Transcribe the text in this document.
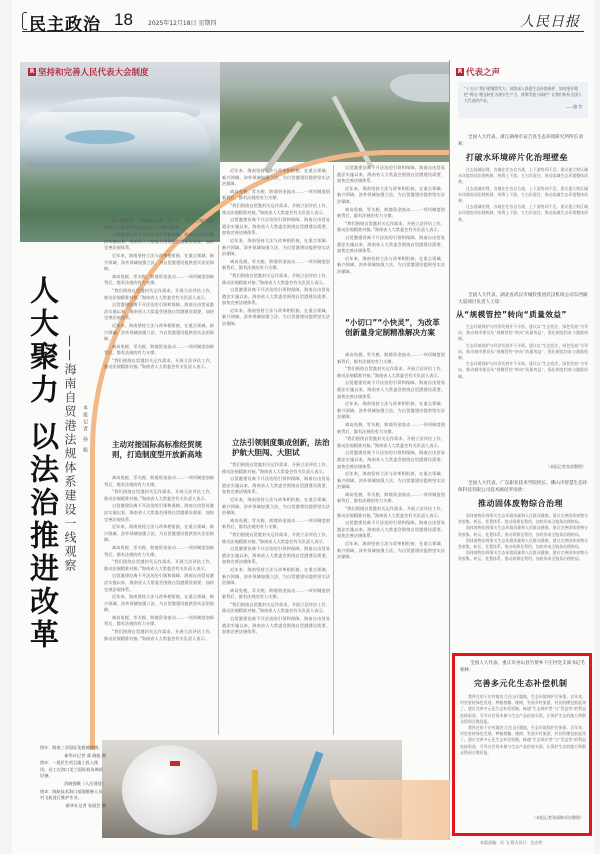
民主政治 18	2025年12月18日 星期四	人民日报
R 坚持和完善人民代表大会制度
人大聚力 以法治推进改革 ——海南自贸港法规体系建设一线观察	本报记者 孙 振

海大图景完，别看通车后高，首不久，“星空之眼”在海南省人大常委会代表以法治方式推动改革……

自贸港建设离不开法治的引领和保障。海南自由贸易港法实施以来，海南省人大常委会围绕自贸港建设需要，加快完善法规体系。

近年来，海南坚持立法与改革相衔接，在重点领域、新兴领域、涉外领域加强立法，为自贸港建设提供坚实法治保障。

离岛免税、零关税、跨境资金流动……一项项制度创新背后，都有法规的有力支撑。

“我们围绕自贸港封关运作需求，开展立法评估工作，推动法规精准对接。”海南省人大常委会有关负责人表示。

自贸港建设离不开法治的引领和保障。海南自由贸易港法实施以来，海南省人大常委会围绕自贸港建设需要，加快完善法规体系。

近年来，海南坚持立法与改革相衔接，在重点领域、新兴领域、涉外领域加强立法，为自贸港建设提供坚实法治保障。

离岛免税、零关税、跨境资金流动……一项项制度创新背后，都有法规的有力支撑。

“我们围绕自贸港封关运作需求，开展立法评估工作，推动法规精准对接。”海南省人大常委会有关负责人表示。

主动对接国际高标准经贸规则，打造制度型开放新高地

离岛免税、零关税、跨境资金流动……一项项制度创新背后，都有法规的有力支撑。

“我们围绕自贸港封关运作需求，开展立法评估工作，推动法规精准对接。”海南省人大常委会有关负责人表示。

自贸港建设离不开法治的引领和保障。海南自由贸易港法实施以来，海南省人大常委会围绕自贸港建设需要，加快完善法规体系。

近年来，海南坚持立法与改革相衔接，在重点领域、新兴领域、涉外领域加强立法，为自贸港建设提供坚实法治保障。

离岛免税、零关税、跨境资金流动……一项项制度创新背后，都有法规的有力支撑。

“我们围绕自贸港封关运作需求，开展立法评估工作，推动法规精准对接。”海南省人大常委会有关负责人表示。

自贸港建设离不开法治的引领和保障。海南自由贸易港法实施以来，海南省人大常委会围绕自贸港建设需要，加快完善法规体系。

近年来，海南坚持立法与改革相衔接，在重点领域、新兴领域、涉外领域加强立法，为自贸港建设提供坚实法治保障。

离岛免税、零关税、跨境资金流动……一项项制度创新背后，都有法规的有力支撑。

“我们围绕自贸港封关运作需求，开展立法评估工作，推动法规精准对接。”海南省人大常委会有关负责人表示。

近年来，海南坚持立法与改革相衔接，在重点领域、新兴领域、涉外领域加强立法，为自贸港建设提供坚实法治保障。

离岛免税、零关税、跨境资金流动……一项项制度创新背后，都有法规的有力支撑。

“我们围绕自贸港封关运作需求，开展立法评估工作，推动法规精准对接。”海南省人大常委会有关负责人表示。

自贸港建设离不开法治的引领和保障。海南自由贸易港法实施以来，海南省人大常委会围绕自贸港建设需要，加快完善法规体系。

近年来，海南坚持立法与改革相衔接，在重点领域、新兴领域、涉外领域加强立法，为自贸港建设提供坚实法治保障。

离岛免税、零关税、跨境资金流动……一项项制度创新背后，都有法规的有力支撑。

“我们围绕自贸港封关运作需求，开展立法评估工作，推动法规精准对接。”海南省人大常委会有关负责人表示。

自贸港建设离不开法治的引领和保障。海南自由贸易港法实施以来，海南省人大常委会围绕自贸港建设需要，加快完善法规体系。

近年来，海南坚持立法与改革相衔接，在重点领域、新兴领域、涉外领域加强立法，为自贸港建设提供坚实法治保障。

立法引领制度集成创新，法治护航大胆闯、大胆试

“我们围绕自贸港封关运作需求，开展立法评估工作，推动法规精准对接。”海南省人大常委会有关负责人表示。

自贸港建设离不开法治的引领和保障。海南自由贸易港法实施以来，海南省人大常委会围绕自贸港建设需要，加快完善法规体系。

近年来，海南坚持立法与改革相衔接，在重点领域、新兴领域、涉外领域加强立法，为自贸港建设提供坚实法治保障。

离岛免税、零关税、跨境资金流动……一项项制度创新背后，都有法规的有力支撑。

“我们围绕自贸港封关运作需求，开展立法评估工作，推动法规精准对接。”海南省人大常委会有关负责人表示。

自贸港建设离不开法治的引领和保障。海南自由贸易港法实施以来，海南省人大常委会围绕自贸港建设需要，加快完善法规体系。

近年来，海南坚持立法与改革相衔接，在重点领域、新兴领域、涉外领域加强立法，为自贸港建设提供坚实法治保障。

离岛免税、零关税、跨境资金流动……一项项制度创新背后，都有法规的有力支撑。

“我们围绕自贸港封关运作需求，开展立法评估工作，推动法规精准对接。”海南省人大常委会有关负责人表示。

自贸港建设离不开法治的引领和保障。海南自由贸易港法实施以来，海南省人大常委会围绕自贸港建设需要，加快完善法规体系。

自贸港建设离不开法治的引领和保障。海南自由贸易港法实施以来，海南省人大常委会围绕自贸港建设需要，加快完善法规体系。

近年来，海南坚持立法与改革相衔接，在重点领域、新兴领域、涉外领域加强立法，为自贸港建设提供坚实法治保障。

离岛免税、零关税、跨境资金流动……一项项制度创新背后，都有法规的有力支撑。

“我们围绕自贸港封关运作需求，开展立法评估工作，推动法规精准对接。”海南省人大常委会有关负责人表示。

自贸港建设离不开法治的引领和保障。海南自由贸易港法实施以来，海南省人大常委会围绕自贸港建设需要，加快完善法规体系。

近年来，海南坚持立法与改革相衔接，在重点领域、新兴领域、涉外领域加强立法，为自贸港建设提供坚实法治保障。

“小切口”“小快灵”，为改革创新量身定制精准解决方案

离岛免税、零关税、跨境资金流动……一项项制度创新背后，都有法规的有力支撑。

“我们围绕自贸港封关运作需求，开展立法评估工作，推动法规精准对接。”海南省人大常委会有关负责人表示。

自贸港建设离不开法治的引领和保障。海南自由贸易港法实施以来，海南省人大常委会围绕自贸港建设需要，加快完善法规体系。

近年来，海南坚持立法与改革相衔接，在重点领域、新兴领域、涉外领域加强立法，为自贸港建设提供坚实法治保障。

离岛免税、零关税、跨境资金流动……一项项制度创新背后，都有法规的有力支撑。

“我们围绕自贸港封关运作需求，开展立法评估工作，推动法规精准对接。”海南省人大常委会有关负责人表示。

自贸港建设离不开法治的引领和保障。海南自由贸易港法实施以来，海南省人大常委会围绕自贸港建设需要，加快完善法规体系。

近年来，海南坚持立法与改革相衔接，在重点领域、新兴领域、涉外领域加强立法，为自贸港建设提供坚实法治保障。

离岛免税、零关税、跨境资金流动……一项项制度创新背后，都有法规的有力支撑。

“我们围绕自贸港封关运作需求，开展立法评估工作，推动法规精准对接。”海南省人大常委会有关负责人表示。

自贸港建设离不开法治的引领和保障。海南自由贸易港法实施以来，海南省人大常委会围绕自贸港建设需要，加快完善法规体系。

近年来，海南坚持立法与改革相衔接，在重点领域、新兴领域、涉外领域加强立法，为自贸港建设提供坚实法治保障。

图①：海南三亚国际免税城购物。

新华社记者 蒲 晓旭 摄

图②：一批民生项目竣工投入使用，员工在海口美兰国际机场调试设备。

苏晓强摄（人民视觉）

图③：海航技术海口基地维修人员对飞机进行维护作业。

新华社记者 张丽芸 摄

R 代表之声
“十五五”我们要继续发力，持续深入推进生态环境保护，如何更好地把“两山”理念转化为现实生产力，统筹发展与保护？让我们听听全国人大代表的声音。
——编 者
全国人大代表、浙江湖州市安吉县生态环境研究所所长刘莉：
打破水环境碎片化治理壁垒

过去流域治理，各地往往各自为战，上下游协同不足。建议建立跨区域水环境协同治理机制，统筹上下游、左右岸责任，推动流域生态环境整体改善。

过去流域治理，各地往往各自为战，上下游协同不足。建议建立跨区域水环境协同治理机制，统筹上下游、左右岸责任，推动流域生态环境整体改善。

过去流域治理，各地往往各自为战，上下游协同不足。建议建立跨区域水环境协同治理机制，统筹上下游、左右岸责任，推动流域生态环境整体改善。

全国人大代表、湖北省武汉市城投集团武汉机场公司东西湖大道项目负责人王琼：
从“规模管控”转向“质量效益”

生态环境保护与经济发展并不矛盾。建议以“生态优先、绿色发展”为导向，推动城市建设从“规模管控”转向“质量效益”，强化制度约束与激励机制。

生态环境保护与经济发展并不矛盾。建议以“生态优先、绿色发展”为导向，推动城市建设从“规模管控”转向“质量效益”，强化制度约束与激励机制。

生态环境保护与经济发展并不矛盾。建议以“生态优先、绿色发展”为导向，推动城市建设从“规模管控”转向“质量效益”，强化制度约束与激励机制。

（本报记者张晨整理）
全国人大代表、广东职业技术学院校长、佛山市智慧生态环保科技有限公司技术顾问罗雨欣：
推动固体废物综合治理

固体废物治理事关生态环境质量和人民群众健康。建议完善固体废物分类收集、转运、处置体系，推动资源化利用，加快形成全链条治理格局。

固体废物治理事关生态环境质量和人民群众健康。建议完善固体废物分类收集、转运、处置体系，推动资源化利用，加快形成全链条治理格局。

固体废物治理事关生态环境质量和人民群众健康。建议完善固体废物分类收集、转运、处置体系，推动资源化利用，加快形成全链条治理格局。

固体废物治理事关生态环境质量和人民群众健康。建议完善固体废物分类收集、转运、处置体系，推动资源化利用，加快形成全链条治理格局。

全国人大代表、重庆市巫山县竹贤乡下庄村党支部书记毛相林：
完善多元化生态补偿机制

我所在的下庄村地处大巴山区腹地，生态环境保护任务重。近年来，村里坚持绿色发展，种植柑橘、桃树，发展乡村旅游，村民的腰包鼓起来了。建议完善多元化生态补偿机制，畅通“生态保护者”与“受益者”的利益连接渠道，引导社会资本参与生态产品价值实现，让保护生态的地方和群众得到合理回报。

我所在的下庄村地处大巴山区腹地，生态环境保护任务重。近年来，村里坚持绿色发展，种植柑橘、桃树，发展乡村旅游，村民的腰包鼓起来了。建议完善多元化生态补偿机制，畅通“生态保护者”与“受益者”的利益连接渠道，引导社会资本参与生态产品价值实现，让保护生态的地方和群众得到合理回报。

（本报记者张丽敏采访整理）
本版责编：吴 飞 版式设计：沈亦伶
